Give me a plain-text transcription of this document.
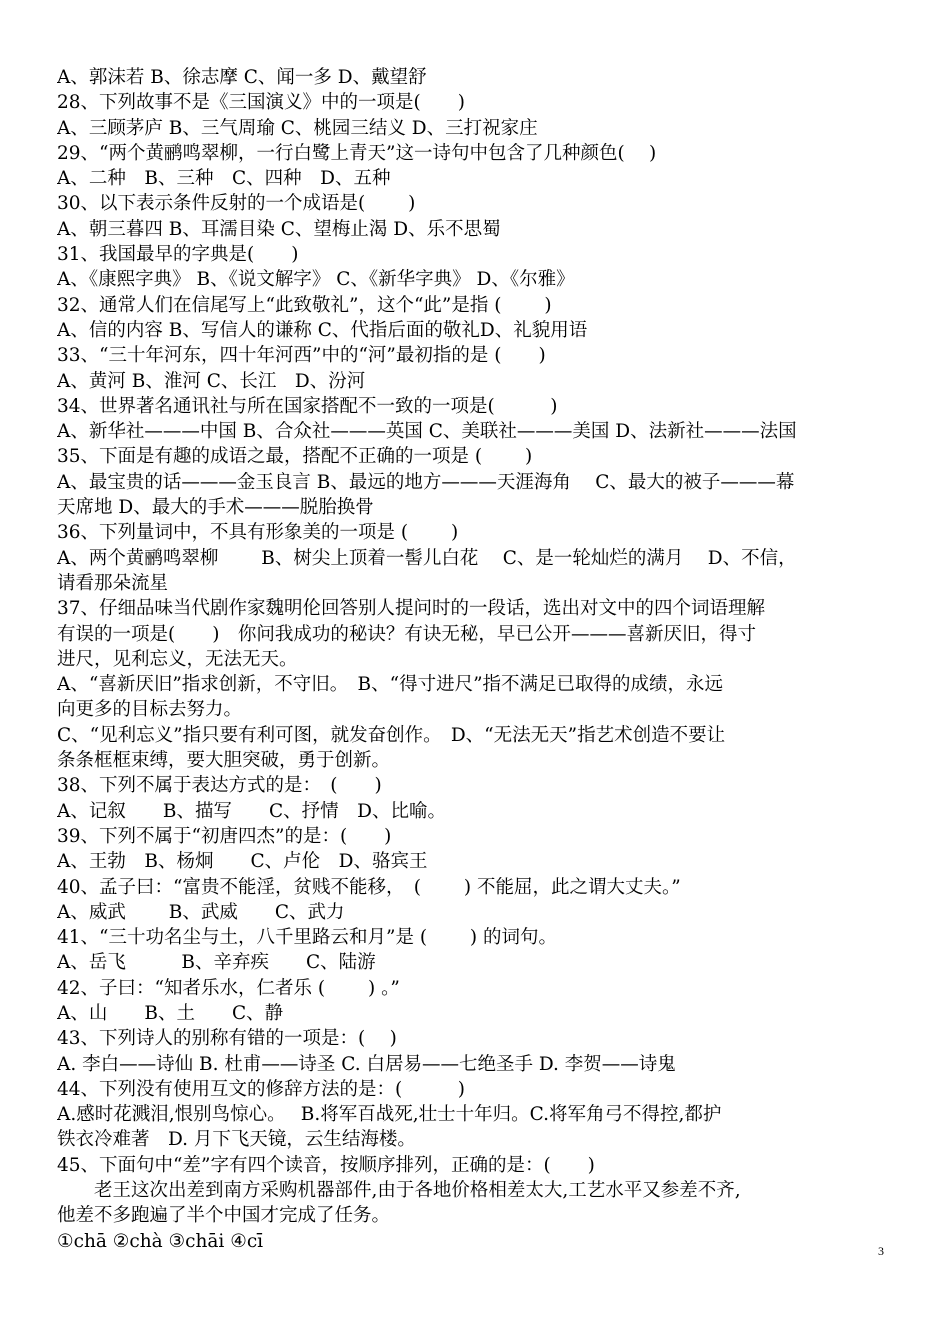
A、郭沫若 B、徐志摩 C、闻一多 D、戴望舒
28、下列故事不是《三国演义》中的一项是(　　)
A、三顾茅庐 B、三气周瑜 C、桃园三结义 D、三打祝家庄
29、“两个黄鹂鸣翠柳，一行白鹭上青天”这一诗句中包含了几种颜色(　 )
A、二种　B、三种　C、四种　D、五种
30、以下表示条件反射的一个成语是(　　 )
A、朝三暮四 B、耳濡目染 C、望梅止渴 D、乐不思蜀
31、我国最早的字典是(　　)
A、《康熙字典》 B、《说文解字》 C、《新华字典》 D、《尔雅》
32、通常人们在信尾写上“此致敬礼”，这个“此”是指 (　　 )
A、信的内容 B、写信人的谦称 C、代指后面的敬礼D、礼貌用语
33、“三十年河东，四十年河西”中的“河”最初指的是 (　　)
A、黄河 B、淮河 C、长江　D、汾河
34、世界著名通讯社与所在国家搭配不一致的一项是(　　　)
A、新华社———中国 B、合众社———英国 C、美联社———美国 D、法新社———法国
35、下面是有趣的成语之最，搭配不正确的一项是 (　　 )
A、最宝贵的话———金玉良言 B、最远的地方———天涯海角　 C、最大的被子———幕
天席地 D、最大的手术———脱胎换骨
36、下列量词中，不具有形象美的一项是 (　　 )
A、两个黄鹂鸣翠柳　　 B、树尖上顶着一髻儿白花　 C、是一轮灿烂的满月　 D、不信，
请看那朵流星
37、仔细品味当代剧作家魏明伦回答别人提问时的一段话，选出对文中的四个词语理解
有误的一项是(　　)　你问我成功的秘诀？有诀无秘，早已公开———喜新厌旧，得寸
进尺，见利忘义，无法无天。
A、“喜新厌旧”指求创新，不守旧。　B、“得寸进尺”指不满足已取得的成绩，永远
向更多的目标去努力。
C、“见利忘义”指只要有利可图，就发奋创作。　D、“无法无天”指艺术创造不要让
条条框框束缚，要大胆突破，勇于创新。
38、下列不属于表达方式的是：　(　　)
A、记叙　　B、描写　　C、抒情　D、比喻。
39、下列不属于“初唐四杰”的是：(　　)
A、王勃　B、杨炯　　C、卢伦　D、骆宾王
40、孟子曰：“富贵不能淫，贫贱不能移，　(　　 ) 不能屈，此之谓大丈夫。”
A、威武　　 B、武威　　C、武力
41、“三十功名尘与土，八千里路云和月”是 (　　 ) 的词句。
A、岳飞　　　B、辛弃疾　　C、陆游
42、子曰：“知者乐水，仁者乐 (　　 ) 。”
A、山　　B、土　　C、静
43、下列诗人的别称有错的一项是：( 　)
A. 李白——诗仙 B. 杜甫——诗圣 C. 白居易——七绝圣手 D. 李贺——诗鬼
44、下列没有使用互文的修辞方法的是：(　　　)
A.感时花溅泪,恨别鸟惊心。　 B.将军百战死,壮士十年归。C.将军角弓不得控,都护
铁衣冷难著　D. 月下飞天镜，云生结海楼。
45、下面句中“差”字有四个读音，按顺序排列，正确的是：(　　)
　　老王这次出差到南方采购机器部件,由于各地价格相差太大,工艺水平又参差不齐,
他差不多跑遍了半个中国才完成了任务。
①chā ②chà ③chāi ④cī	3
